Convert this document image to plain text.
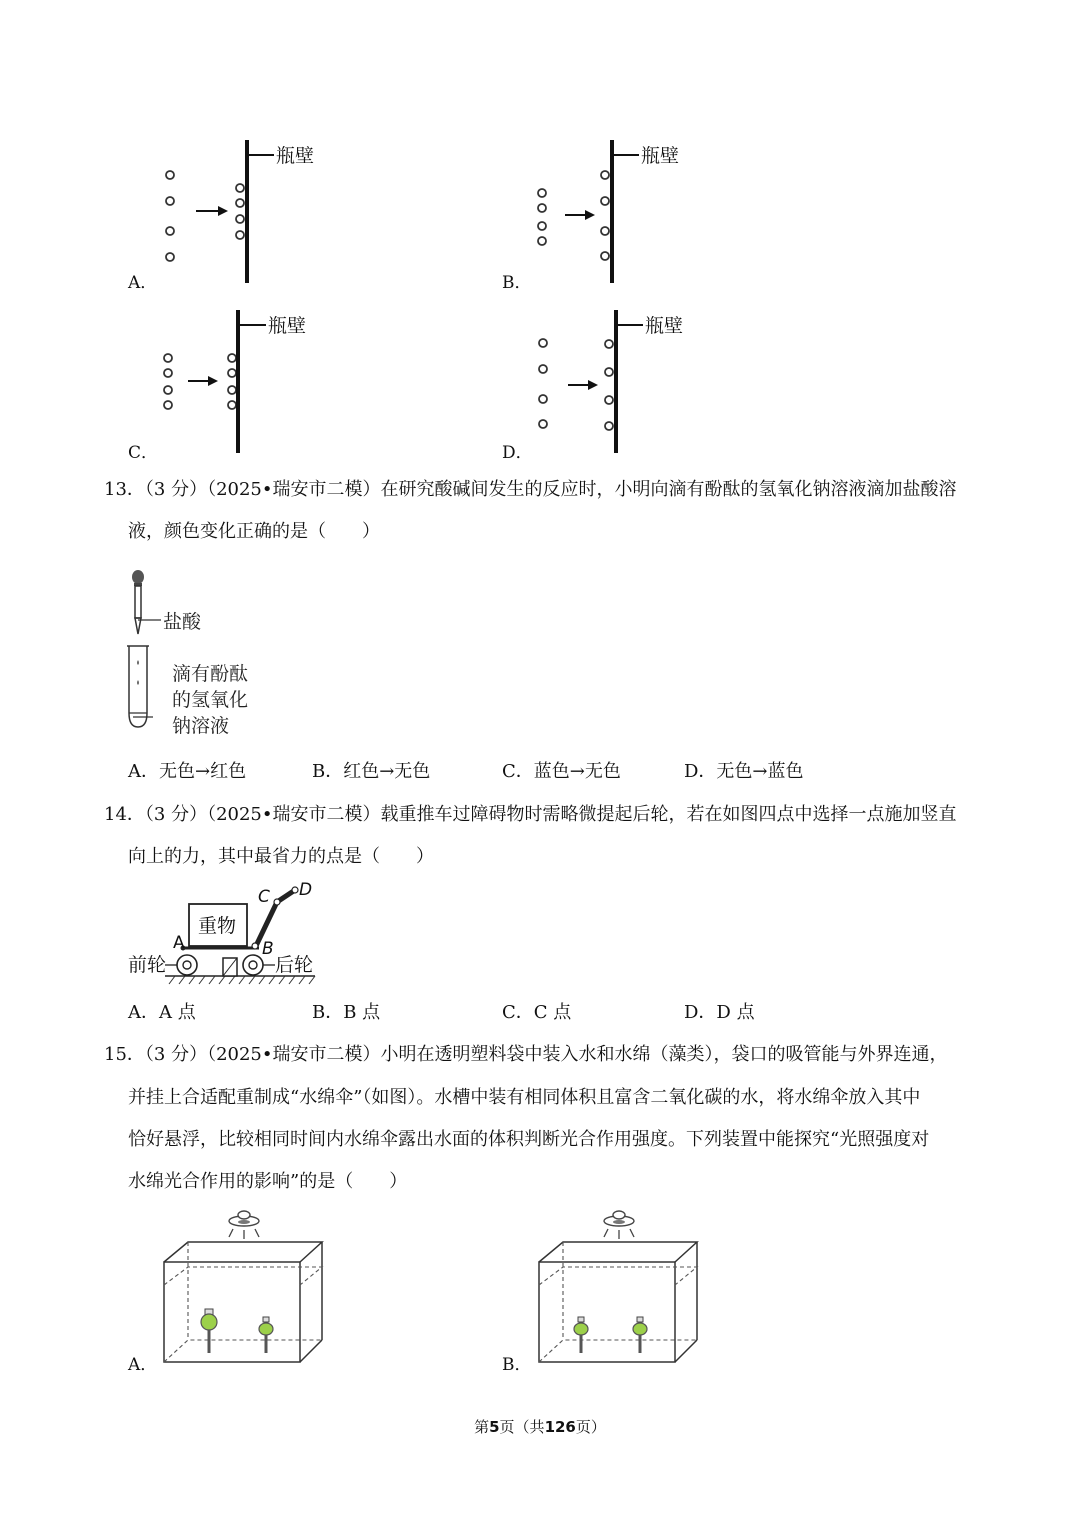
瓶壁
A．
瓶壁
B．
瓶壁
C．
瓶壁
D．
13．（3 分）（2025•瑞安市二模）在研究酸碱间发生的反应时，小明向滴有酚酞的氢氧化钠溶液滴加盐酸溶
液，颜色变化正确的是（　　）
盐酸
滴有酚酞
的氢氧化
钠溶液
A．无色→红色	B．红色→无色	C．蓝色→无色	D．无色→蓝色
14．（3 分）（2025•瑞安市二模）载重推车过障碍物时需略微提起后轮，若在如图四点中选择一点施加竖直
向上的力，其中最省力的点是（　　）
重物
A	B
C D
前轮	后轮
A．A 点	B．B 点	C．C 点	D．D 点
15．（3 分）（2025•瑞安市二模）小明在透明塑料袋中装入水和水绵（藻类），袋口的吸管能与外界连通，
并挂上合适配重制成“水绵伞”（如图）。水槽中装有相同体积且富含二氧化碳的水，将水绵伞放入其中
恰好悬浮，比较相同时间内水绵伞露出水面的体积判断光合作用强度。下列装置中能探究“光照强度对
水绵光合作用的影响”的是（　　）
A．	B．
第5页（共126页）
